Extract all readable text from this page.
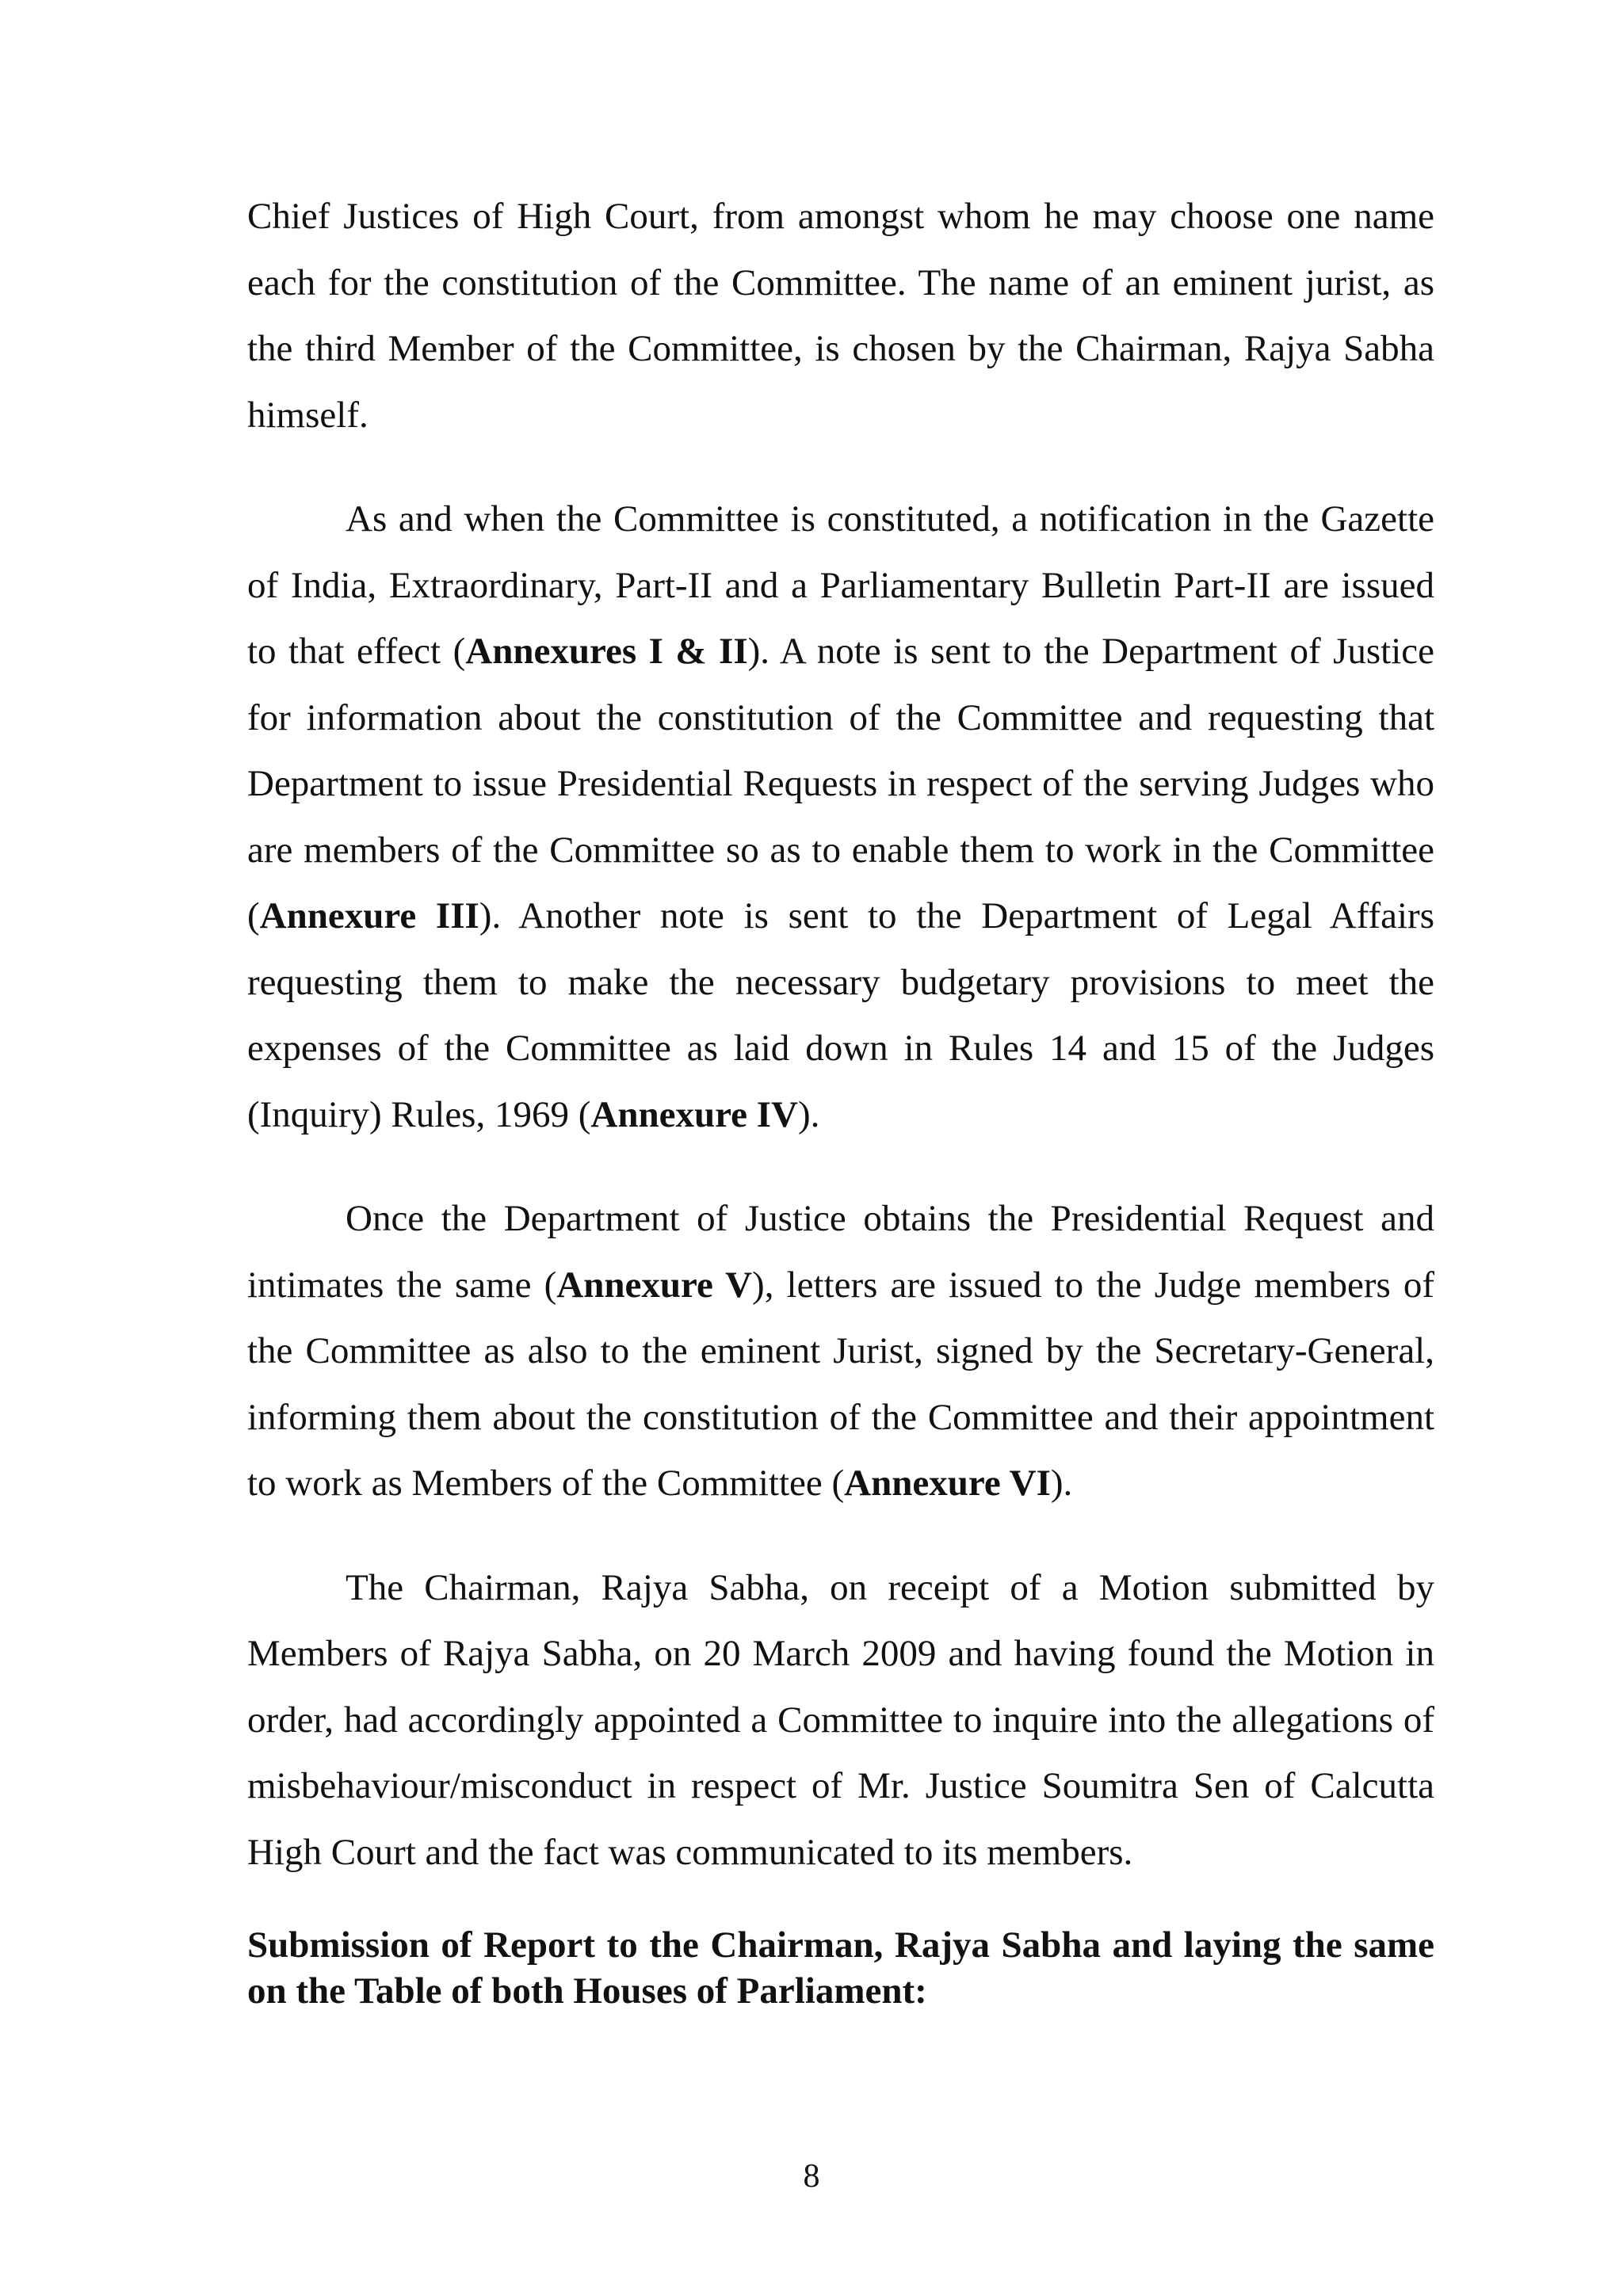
Chief Justices of High Court, from amongst whom he may choose one name each for the constitution of the Committee. The name of an eminent jurist, as the third Member of the Committee, is chosen by the Chairman, Rajya Sabha himself.

As and when the Committee is constituted, a notification in the Gazette of India, Extraordinary, Part-II and a Parliamentary Bulletin Part-II are issued to that effect (Annexures I & II). A note is sent to the Department of Justice for information about the constitution of the Committee and requesting that Department to issue Presidential Requests in respect of the serving Judges who are members of the Committee so as to enable them to work in the Committee (Annexure III). Another note is sent to the Department of Legal Affairs requesting them to make the necessary budgetary provisions to meet the expenses of the Committee as laid down in Rules 14 and 15 of the Judges (Inquiry) Rules, 1969 (Annexure IV).

Once the Department of Justice obtains the Presidential Request and intimates the same (Annexure V), letters are issued to the Judge members of the Committee as also to the eminent Jurist, signed by the Secretary-General, informing them about the constitution of the Committee and their appointment to work as Members of the Committee (Annexure VI).

The Chairman, Rajya Sabha, on receipt of a Motion submitted by Members of Rajya Sabha, on 20 March 2009 and having found the Motion in order, had accordingly appointed a Committee to inquire into the allegations of misbehaviour/misconduct in respect of Mr. Justice Soumitra Sen of Calcutta High Court and the fact was communicated to its members.

Submission of Report to the Chairman, Rajya Sabha and laying the same on the Table of both Houses of Parliament:

8
